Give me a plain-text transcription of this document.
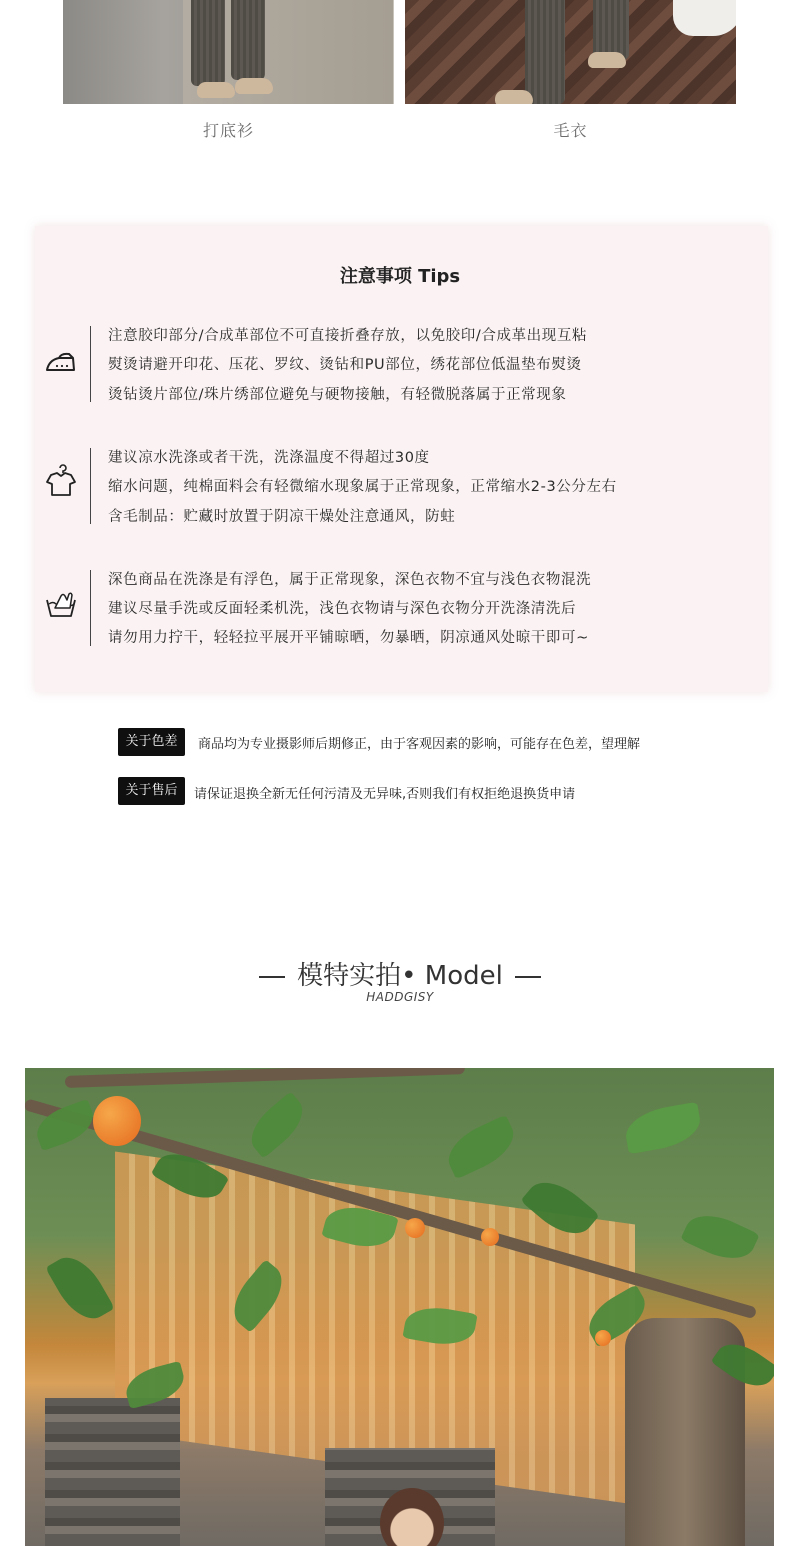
打底衫	毛衣
注意事项 Tips
注意胶印部分/合成革部位不可直接折叠存放，以免胶印/合成革出现互粘
熨烫请避开印花、压花、罗纹、烫钻和PU部位，绣花部位低温垫布熨烫
烫钻烫片部位/珠片绣部位避免与硬物接触，有轻微脱落属于正常现象
建议凉水洗涤或者干洗，洗涤温度不得超过30度
缩水问题，纯棉面料会有轻微缩水现象属于正常现象，正常缩水2-3公分左右
含毛制品：贮藏时放置于阴凉干燥处注意通风，防蛀
深色商品在洗涤是有浮色，属于正常现象，深色衣物不宜与浅色衣物混洗
建议尽量手洗或反面轻柔机洗，浅色衣物请与深色衣物分开洗涤清洗后
请勿用力拧干，轻轻拉平展开平铺晾晒，勿暴晒，阴凉通风处晾干即可~
关于色差	商品均为专业摄影师后期修正，由于客观因素的影响，可能存在色差，望理解
关于售后	请保证退换全新无任何污清及无异味,否则我们有权拒绝退换货申请
模特实拍• Model
HADDGISY
